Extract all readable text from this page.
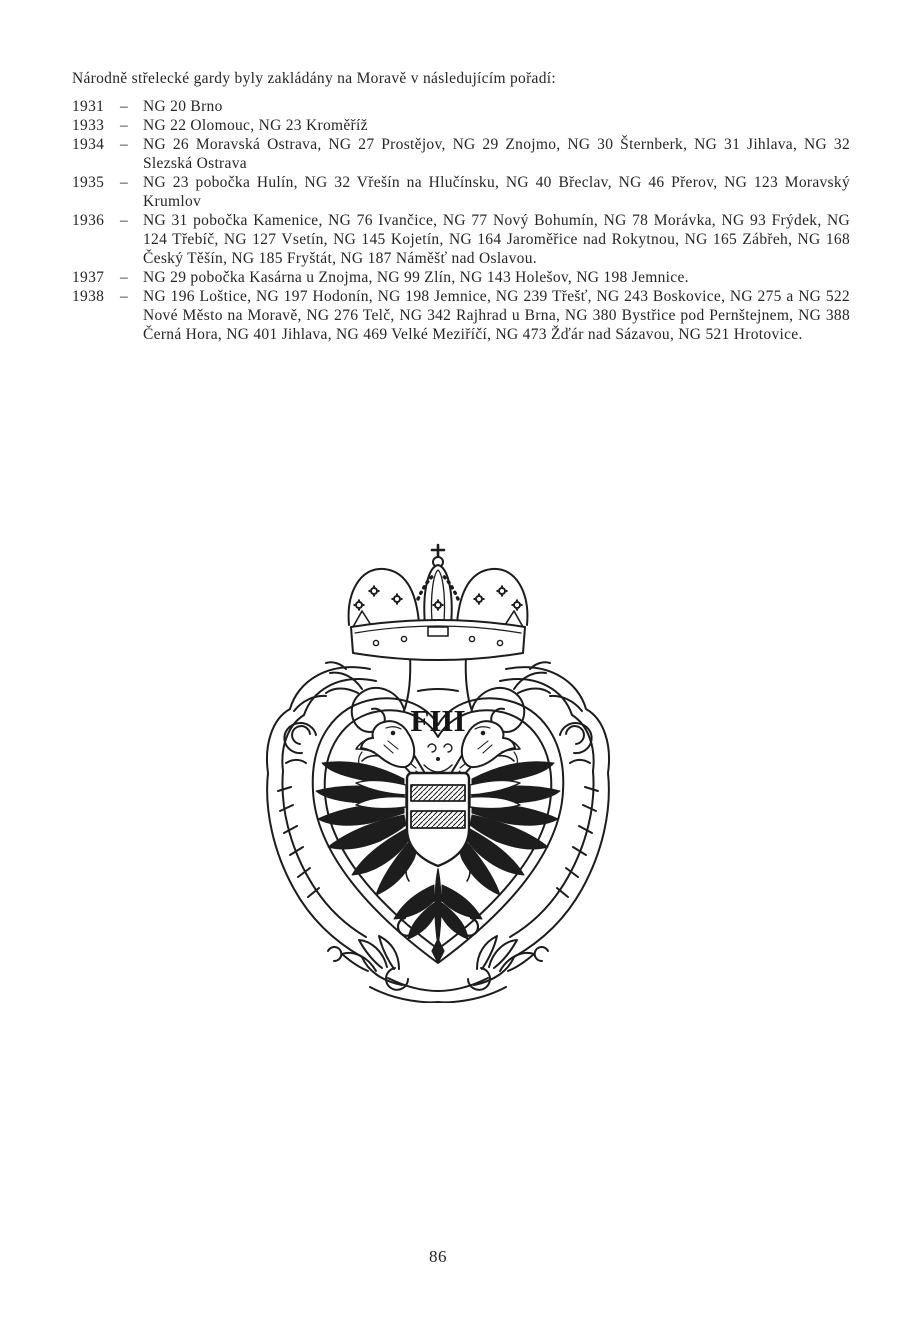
Národně střelecké gardy byly zakládány na Moravě v následujícím pořadí:

1931	– NG 20 Brno
1933	– NG 22 Olomouc, NG 23 Kroměříž
1934	– NG 26 Moravská Ostrava, NG 27 Prostějov, NG 29 Znojmo, NG 30 Šternberk, NG 31 Jihlava, NG 32 Slezská Ostrava
1935	– NG 23 pobočka Hulín, NG 32 Vřešín na Hlučínsku, NG 40 Břeclav, NG 46 Přerov, NG 123 Moravský Krumlov
1936	– NG 31 pobočka Kamenice, NG 76 Ivančice, NG 77 Nový Bohumín, NG 78 Morávka, NG 93 Frýdek, NG 124 Třebíč, NG 127 Vsetín, NG 145 Kojetín, NG 164 Jaroměřice nad Rokytnou, NG 165 Zábřeh, NG 168 Český Těšín, NG 185 Fryštát, NG 187 Náměšť nad Oslavou.
1937	– NG 29 pobočka Kasárna u Znojma, NG 99 Zlín, NG 143 Holešov, NG 198 Jemnice.
1938	– NG 196 Loštice, NG 197 Hodonín, NG 198 Jemnice, NG 239 Třešť, NG 243 Boskovice, NG 275 a NG 522 Nové Město na Moravě, NG 276 Telč, NG 342 Rajhrad u Brna, NG 380 Bystřice pod Pernštejnem, NG 388 Černá Hora, NG 401 Jihlava, NG 469 Velké Meziříčí, NG 473 Žďár nad Sázavou, NG 521 Hrotovice.
FIII
86
